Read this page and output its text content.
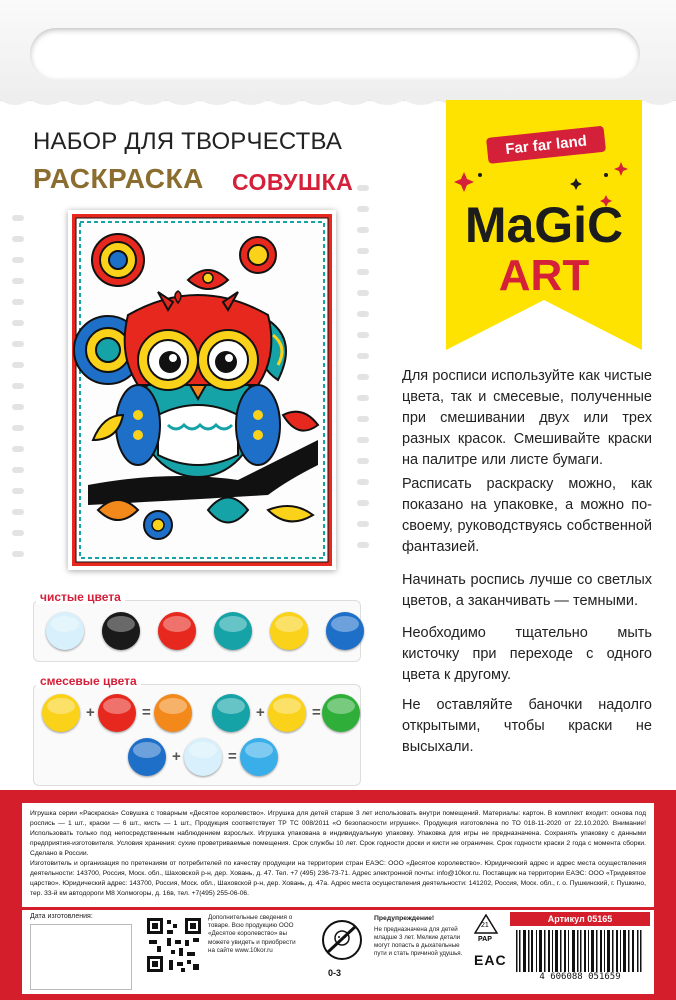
НАБОР ДЛЯ ТВОРЧЕСТВА
РАСКРАСКА СОВУШКА
Far far land
MaGiC
ART
чистые цвета
смесевые цвета
+	=	+	=
+	=
Для росписи используйте как чистые цвета, так и смесевые, полученные при смешивании двух или трех разных красок. Смешивайте краски на палитре или листе бумаги.
Расписать раскраску можно, как показано на упаковке, а можно по-своему, руководствуясь собственной фантазией.
Начинать роспись лучше со светлых цветов, а заканчивать — темными.
Необходимо тщательно мыть кисточку при переходе с одного цвета к другому.
Не оставляйте баночки надолго открытыми, чтобы краски не высыхали.

Игрушка серии «Раскраска» Совушка с товарным «Десятое королевство». Игрушка для детей старше 3 лет использовать внутри помещений. Материалы: картон. В комплект входит: основа под роспись — 1 шт., краски — 6 шт., кисть — 1 шт., Продукция соответствует ТР ТС 008/2011 «О безопасности игрушек». Продукция изготовлена по ТО 018-11-2020 от 22.10.2020. Внимание! Использовать только под непосредственным наблюдением взрослых. Игрушка упакована в индивидуальную упаковку. Упаковка для игры не предназначена. Сохранять упаковку с данными предприятия-изготовителя. Условия хранения: сухие проветриваемые помещения. Срок службы 10 лет. Срок годности доски и кисти не ограничен. Срок годности краски 2 года с момента сборки. Сделано в России.

Изготовитель и организация по претензиям от потребителей по качеству продукции на территории стран ЕАЭС: ООО «Десятое королевство». Юридический адрес и адрес места осуществления деятельности: 143700, Россия, Моск. обл., Шаховской р-н, дер. Ховань, д. 47. Тел. +7 (495) 236-73-71. Адрес электронной почты: info@10kor.ru. Поставщик на территории ЕАЭС: ООО «Тридевятое царство». Юридический адрес: 143700, Россия, Моск. обл., Шаховской р-н, дер. Ховань, д. 47а. Адрес места осуществления деятельности: 141202, Россия, Моск. обл., г. о. Пушкинский, г. Пушкино, тер. 33-й км автодороги М8 Холмогоры, д. 16в, тел. +7(495) 255-06-06.

Дата изготовления:	Дополнительные сведения о товаре. Всю продукцию ООО «Десятое королевство» вы можете увидеть и приобрести на сайте www.10kor.ru
0-3
Предупреждение!
Не предназначена для детей младше 3 лет. Мелкие детали могут попасть в дыхательные пути и стать причиной удушья.
21
PAP
EAC
Артикул 05165
4 606088 051659
